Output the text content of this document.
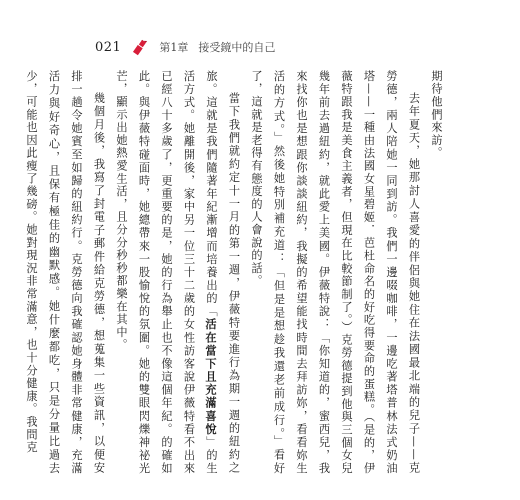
021	第1章 接受鏡中的自己

期待他們來訪。

去年夏天，她那討人喜愛的伴侶與她住在法國最北端的兒子——克勞德，兩人陪她一同到訪。我們一邊啜咖啡，一邊吃著塔普林法式奶油塔——一種由法國女星碧姬．芭杜命名的好吃得要命的蛋糕。（是的，伊薇特跟我是美食主義者，但現在比較節制了。）克勞德提到他與三個女兒幾年前去過紐約，就此愛上美國。伊薇特說：「你知道的，蜜西兒，我來找你也是想跟你談談紐約，我擬的希望能找時間去拜訪妳，看看妳生活的方式。」然後她特別補充道：「但是是想趁我還老前成行。」看好了，這就是老得有態度的人會說的話。

當下我們就約定十一月的第一週，伊薇特要進行為期一週的紐約之旅。這就是我們隨著年紀漸增而培養出的「活在當下且充滿喜悅」的生活方式。她離開後，家中另一位三十二歲的女性訪客說伊薇特看不出來已經八十多歲了，更重要的是，她的行為舉止也不像這個年紀。的確如此。與伊薇特碰面時，她總帶來一股愉悅的氛圍。她的雙眼閃爍神祕光芒，顯示出她熱愛生活，且分分秒秒都樂在其中。

幾個月後，我寫了封電子郵件給克勞德，想蒐集一些資訊，以便安排一趟令她賓至如歸的紐約行。克勞德向我確認她身體非常健康，充滿活力與好奇心，且保有極佳的幽默感。她什麼都吃，只是分量比過去少，可能也因此瘦了幾磅。她對現況非常滿意，也十分健康。我問克
